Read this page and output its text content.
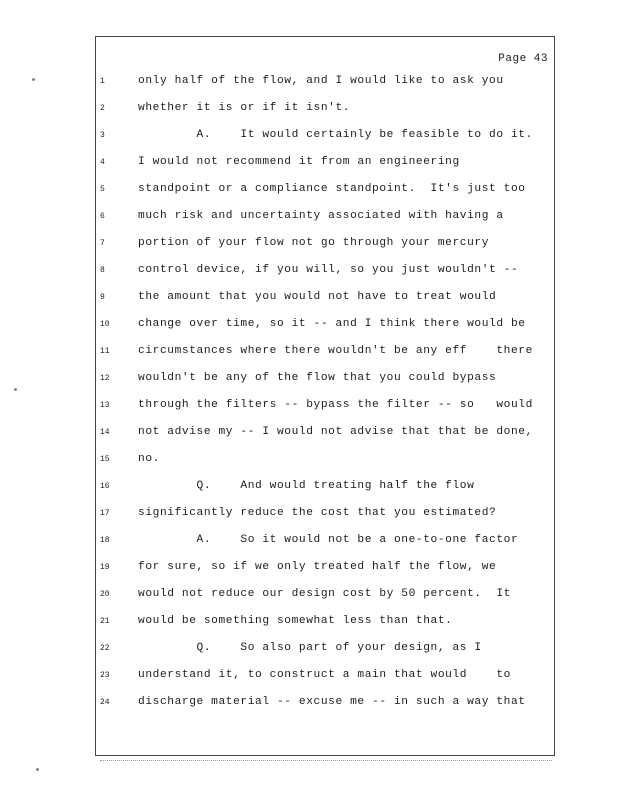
Page 43

1

	only half of the flow, and I would like to ask you

2

	whether it is or if it isn't.

3

	A.    It would certainly be feasible to do it.

4

	I would not recommend it from an engineering

5

	standpoint or a compliance standpoint.  It's just too

6

	much risk and uncertainty associated with having a

7

	portion of your flow not go through your mercury

8

	control device, if you will, so you just wouldn't --

9

	the amount that you would not have to treat would

10

	change over time, so it -- and I think there would be

11

	circumstances where there wouldn't be any eff    there

12

	wouldn't be any of the flow that you could bypass

13

	through the filters -- bypass the filter -- so   would

14

	not advise my -- I would not advise that that be done,

15

	no.

16

	Q.    And would treating half the flow

17

	significantly reduce the cost that you estimated?

18

	A.    So it would not be a one-to-one factor

19

	for sure, so if we only treated half the flow, we

20

	would not reduce our design cost by 50 percent.  It

21

	would be something somewhat less than that.

22

	Q.    So also part of your design, as I

23

	understand it, to construct a main that would    to

24

	discharge material -- excuse me -- in such a way that
